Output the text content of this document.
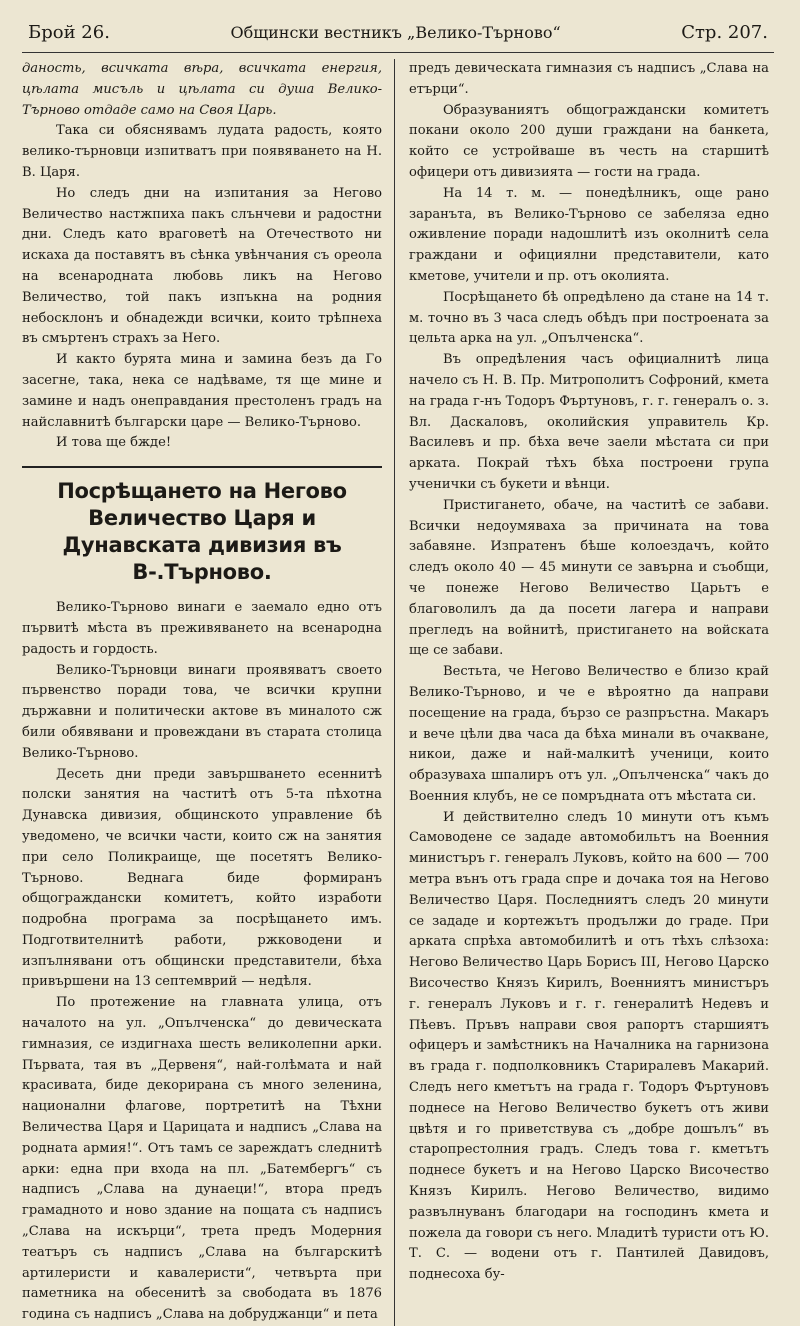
Брой 26.	Общински вестникъ „Велико-Търново“	Стр. 207.

даность, всичката вѣра, всичката енергия, цѣлата мисъль и цѣлата си душа Велико-Търново отдаде само на Своя Царь.

Така си обяснявамъ лудата радость, която велико-търновци изпитватъ при появяването на Н. В. Царя.

Но следъ дни на изпитания за Негово Величество настжпиха пакъ слънчеви и радостни дни. Следъ като враговетѣ на Отечеството ни искаха да поставятъ въ сѣнка увѣнчания съ ореола на всенародната любовь ликъ на Негово Величество, той пакъ изпъкна на родния небосклонъ и обнадежди всички, които трѣпнеха въ смъртенъ страхъ за Него.

И както бурята мина и замина безъ да Го засегне, така, нека се надѣваме, тя ще мине и замине и надъ онеправдания престоленъ градъ на найславнитѣ български царе — Велико-Търново.

И това ще бжде!

Посрѣщането на Негово Величество Царя и Дунавската дивизия въ В-.Търново.

Велико-Търново винаги е заемало едно отъ първитѣ мѣста въ преживяването на всенародна радость и гордость.

Велико-Търновци винаги проявяватъ своето първенство поради това, че всички крупни държавни и политически актове въ миналото сж били обявявани и провеждани въ старата столица Велико-Търново.

Десеть дни преди завършването есеннитѣ полски занятия на частитѣ отъ 5-та пѣхотна Дунавска дивизия, общинското управление бѣ уведомено, че всички части, които сж на занятия при село Поликраище, ще посетятъ Велико-Търново. Веднага биде формиранъ общограждански комитетъ, който изработи подробна програма за посрѣщането имъ. Подготвителнитѣ работи, ржководени и изпълнявани отъ общински представители, бѣха привършени на 13 септемврий — недѣля.

По протежение на главната улица, отъ началото на ул. „Опълченска“ до девическата гимназия, се издигнаха шесть великолепни арки. Първата, тая въ „Дервеня“, най-голѣмата и най красивата, биде декорирана съ много зеленина, национални флагове, портретитѣ на Тѣхни Величества Царя и Царицата и надписъ „Слава на родната армия!“. Отъ тамъ се зареждатъ следнитѣ арки: една при входа на пл. „Батембергъ“ съ надписъ „Слава на дунаеци!“, втора предъ грамадното и ново здание на пощата съ надписъ „Слава на искърци“, трета предъ Модерния театъръ съ надписъ „Слава на българскитѣ артилеристи и кавалеристи“, четвърта при паметника на обесенитѣ за свободата въ 1876 година съ надписъ „Слава на добруджанци“ и пета

предъ девическата гимназия съ надписъ „Слава на етърци“.

Образуваниятъ общограждански комитетъ покани около 200 души граждани на банкета, който се устройваше въ честь на старшитѣ офицери отъ дивизията — гости на града.

На 14 т. м. — понедѣлникъ, още рано заранъта, въ Велико-Търново се забеляза едно оживление поради надошлитѣ изъ околнитѣ села граждани и официялни представители, като кметове, учители и пр. отъ околията.

Посрѣщането бѣ опредѣлено да стане на 14 т. м. точно въ 3 часа следъ обѣдъ при построената за цельта арка на ул. „Опълченска“.

Въ опредѣления часъ официалнитѣ лица начело съ Н. В. Пр. Митрополитъ Софроний, кмета на града г-нъ Тодоръ Фъртуновъ, г. г. генералъ о. з. Вл. Даскаловъ, околийския управитель Кр. Василевъ и пр. бѣха вече заели мѣстата си при арката. Покрай тѣхъ бѣха построени група ученички съ букети и вѣнци.

Пристигането, обаче, на частитѣ се забави. Всички недоумяваха за причината на това забавяне. Изпратенъ бѣше колоездачъ, който следъ около 40 — 45 минути се завърна и съобщи, че понеже Негово Величество Царьтъ е благоволилъ да да посети лагера и направи прегледъ на войнитѣ, пристигането на войската ще се забави.

Вестьта, че Негово Величество е близо край Велико-Търново, и че е вѣроятно да направи посещение на града, бързо се разпръстна. Макаръ и вече цѣли два часа да бѣха минали въ очакване, никои, даже и най-малкитѣ ученици, които образуваха шпалиръ отъ ул. „Опълченска“ чакъ до Военния клубъ, не се помръдната отъ мѣстата си.

И действително следъ 10 минути отъ къмъ Самоводене се зададе автомобильтъ на Военния министъръ г. генералъ Луковъ, който на 600 — 700 метра вънъ отъ града спре и дочака тоя на Негово Величество Царя. Последниятъ следъ 20 минути се зададе и кортежътъ продължи до граде. При арката спрѣха автомобилитѣ и отъ тѣхъ слѣзоха: Негово Величество Царь Борисъ III, Негово Царско Височество Князъ Кирилъ, Военниятъ министъръ г. генералъ Луковъ и г. г. генералитѣ Недевъ и Пѣевъ. Пръвъ направи своя рапортъ старшиятъ офицеръ и замѣстникъ на Началника на гарнизона въ града г. подполковникъ Стариралевъ Макарий. Следъ него кметътъ на града г. Тодоръ Фъртуновъ поднесе на Негово Величество букетъ отъ живи цвѣтя и го приветствува съ „добре дошълъ“ въ старопрестолния градъ. Следъ това г. кметътъ поднесе букетъ и на Негово Царско Височество Князъ Кирилъ. Негово Величество, видимо развълнуванъ благодари на господинъ кмета и пожела да говори съ него. Младитѣ туристи отъ Ю. Т. С. — водени отъ г. Пантилей Давидовъ, поднесоха бу-
